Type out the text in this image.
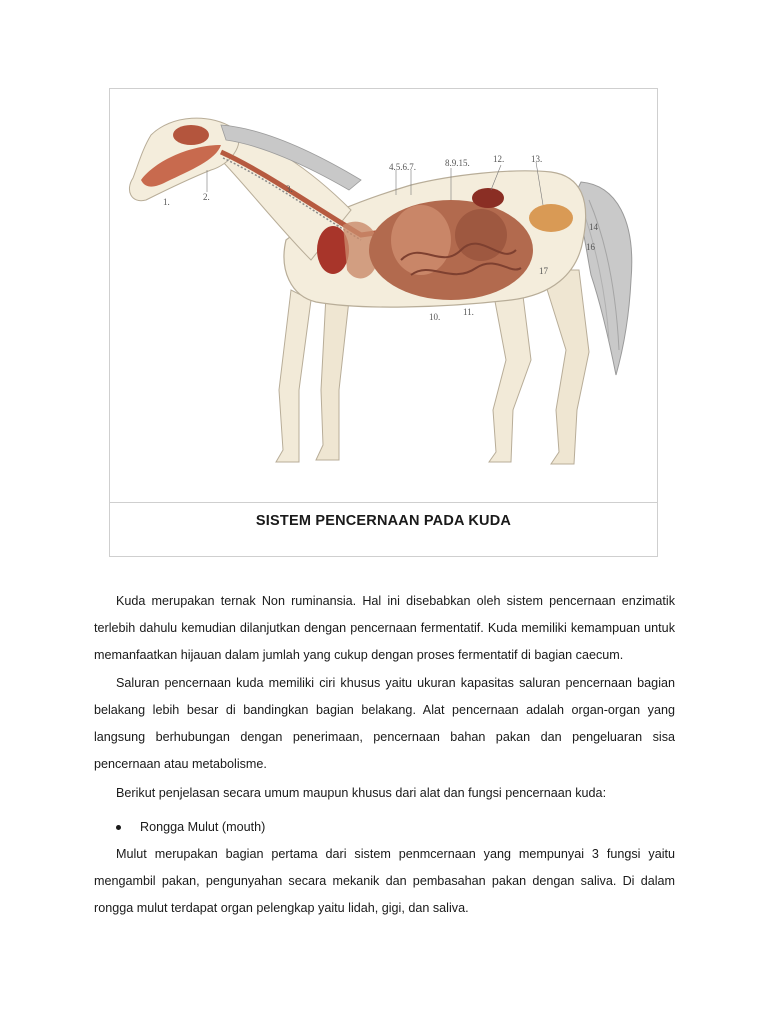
1.	2.
3.
4.5.6.7.	8.9.15.	12.	13.
14
16
17
10.	11.
SISTEM PENCERNAAN PADA KUDA

Kuda merupakan ternak Non ruminansia. Hal ini disebabkan oleh sistem pencernaan enzimatik terlebih dahulu kemudian dilanjutkan dengan pencernaan fermentatif. Kuda memiliki kemampuan untuk memanfaatkan hijauan dalam jumlah yang cukup dengan proses fermentatif di bagian caecum.

Saluran pencernaan kuda memiliki ciri khusus yaitu ukuran kapasitas saluran pencernaan bagian belakang lebih besar di bandingkan bagian belakang. Alat pencernaan adalah organ-organ yang langsung berhubungan dengan penerimaan, pencernaan bahan pakan dan pengeluaran sisa pencernaan atau metabolisme.

Berikut penjelasan secara umum maupun khusus dari alat dan fungsi pencernaan kuda:

Rongga Mulut (mouth)

Mulut merupakan bagian pertama dari sistem penmcernaan yang mempunyai 3 fungsi yaitu mengambil pakan, pengunyahan secara mekanik dan pembasahan pakan dengan saliva. Di dalam rongga mulut terdapat organ pelengkap yaitu lidah, gigi, dan saliva.
